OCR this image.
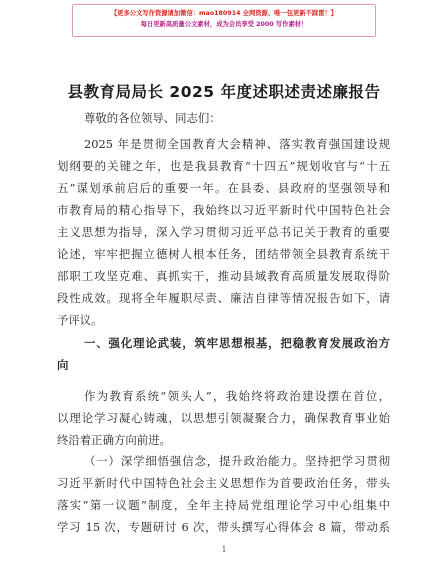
【更多公文写作资源请加微信：mao180914 全网资源、唯一包更新不踩雷！】
每日更新高质量公文素材，成为会员享受 2000 写作素材！
县教育局局长 2025 年度述职述责述廉报告
尊敬的各位领导、同志们：
2025 年是贯彻全国教育大会精神、落实教育强国建设规
划纲要的关键之年，也是我县教育“十四五”规划收官与“十五
五”谋划承前启后的重要一年。在县委、县政府的坚强领导和
市教育局的精心指导下，我始终以习近平新时代中国特色社会
主义思想为指导，深入学习贯彻习近平总书记关于教育的重要
论述，牢牢把握立德树人根本任务，团结带领全县教育系统干
部职工攻坚克难、真抓实干，推动县域教育高质量发展取得阶
段性成效。现将全年履职尽责、廉洁自律等情况报告如下，请
予评议。
一、强化理论武装，筑牢思想根基，把稳教育发展政治方
向
作为教育系统“领头人”，我始终将政治建设摆在首位，
以理论学习凝心铸魂，以思想引领凝聚合力，确保教育事业始
终沿着正确方向前进。
（一）深学细悟强信念，提升政治能力。坚持把学习贯彻
习近平新时代中国特色社会主义思想作为首要政治任务，带头
落实“第一议题”制度，全年主持局党组理论学习中心组集中
学习 15 次，专题研讨 6 次，带头撰写心得体会 8 篇，带动系
1
